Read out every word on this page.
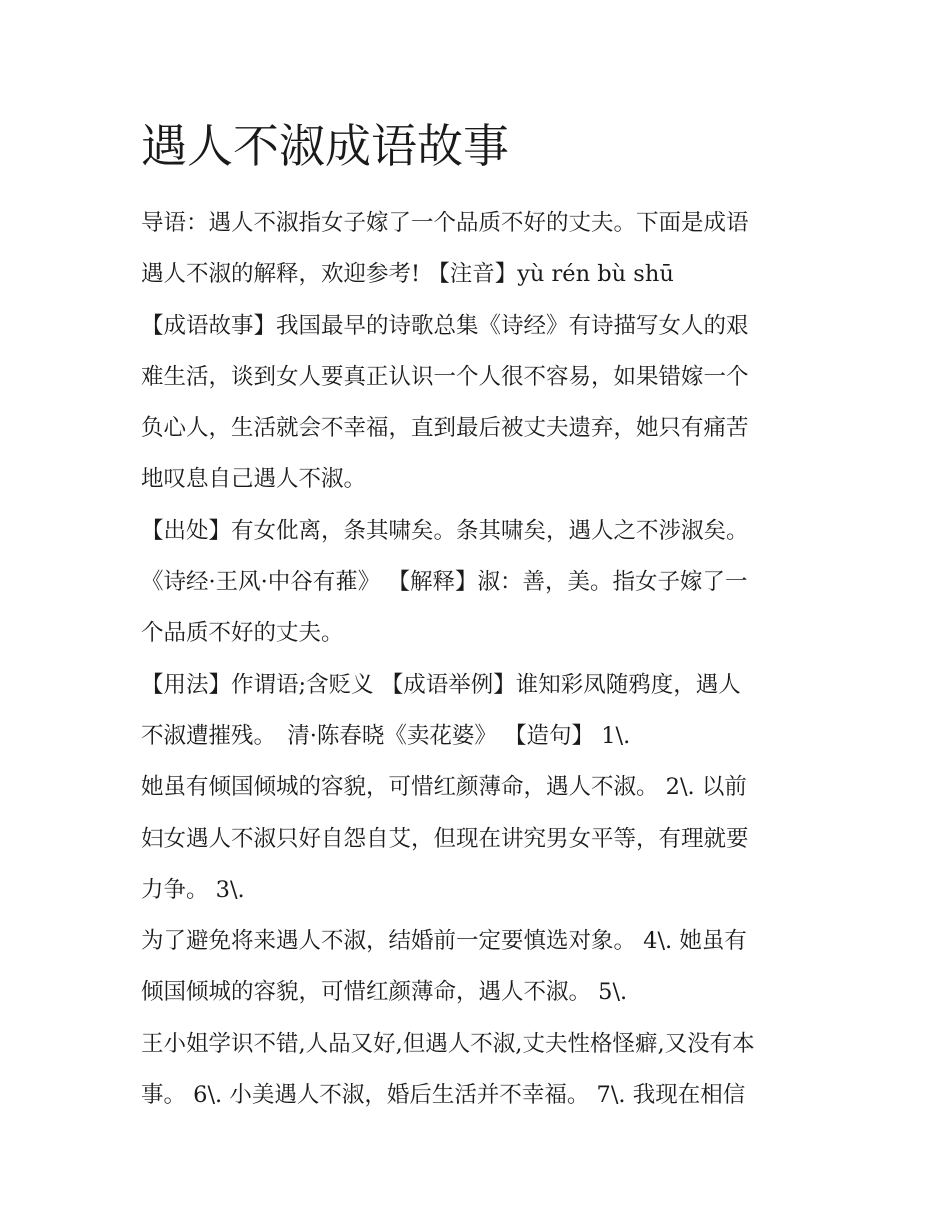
遇人不淑成语故事
导语：遇人不淑指女子嫁了一个品质不好的丈夫。下面是成语
遇人不淑的解释，欢迎参考! 【注音】yù rén bù shū
【成语故事】我国最早的诗歌总集《诗经》有诗描写女人的艰
难生活，谈到女人要真正认识一个人很不容易，如果错嫁一个
负心人，生活就会不幸福，直到最后被丈夫遗弃，她只有痛苦
地叹息自己遇人不淑。
【出处】有女仳离，条其啸矣。条其啸矣，遇人之不涉淑矣。
《诗经·王风·中谷有蓷》 【解释】淑：善，美。指女子嫁了一
个品质不好的丈夫。
【用法】作谓语;含贬义 【成语举例】谁知彩凤随鸦度，遇人
不淑遭摧残。　清·陈春晓《卖花婆》 【造句】 1\.
她虽有倾国倾城的容貌，可惜红颜薄命，遇人不淑。 2\. 以前
妇女遇人不淑只好自怨自艾，但现在讲究男女平等，有理就要
力争。 3\.
为了避免将来遇人不淑，结婚前一定要慎选对象。 4\. 她虽有
倾国倾城的容貌，可惜红颜薄命，遇人不淑。 5\.
王小姐学识不错,人品又好,但遇人不淑,丈夫性格怪癖,又没有本
事。 6\. 小美遇人不淑，婚后生活并不幸福。 7\. 我现在相信
